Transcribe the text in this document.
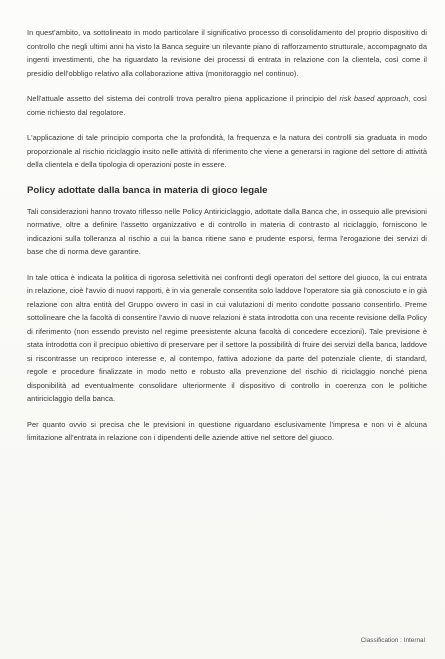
In quest'ambito, va sottolineato in modo particolare il significativo processo di consolidamento del proprio dispositivo di controllo che negli ultimi anni ha visto la Banca seguire un rilevante piano di rafforzamento strutturale, accompagnato da ingenti investimenti, che ha riguardato la revisione dei processi di entrata in relazione con la clientela, così come il presidio dell'obbligo relativo alla collaborazione attiva (monitoraggio nel continuo).

Nell'attuale assetto del sistema dei controlli trova peraltro piena applicazione il principio del risk based approach, così come richiesto dal regolatore.

L'applicazione di tale principio comporta che la profondità, la frequenza e la natura dei controlli sia graduata in modo proporzionale al rischio riciclaggio insito nelle attività di riferimento che viene a generarsi in ragione del settore di attività della clientela e della tipologia di operazioni poste in essere.

Policy adottate dalla banca in materia di gioco legale

Tali considerazioni hanno trovato riflesso nelle Policy Antiriciclaggio, adottate dalla Banca che, in ossequio alle previsioni normative, oltre a definire l'assetto organizzativo e di controllo in materia di contrasto al riciclaggio, forniscono le indicazioni sulla tolleranza al rischio a cui la banca ritiene sano e prudente esporsi, ferma l'erogazione dei servizi di base che di norma deve garantire.

In tale ottica è indicata la politica di rigorosa selettività nei confronti degli operatori del settore del giuoco, la cui entrata in relazione, cioè l'avvio di nuovi rapporti, è in via generale consentita solo laddove l'operatore sia già conosciuto e in già relazione con altra entità del Gruppo ovvero in casi in cui valutazioni di merito condotte possano consentirlo. Preme sottolineare che la facoltà di consentire l'avvio di nuove relazioni è stata introdotta con una recente revisione della Policy di riferimento (non essendo previsto nel regime preesistente alcuna facoltà di concedere eccezioni). Tale previsione è stata introdotta con il precipuo obiettivo di preservare per il settore la possibilità di fruire dei servizi della banca, laddove si riscontrasse un reciproco interesse e, al contempo, fattiva adozione da parte del potenziale cliente, di standard, regole e procedure finalizzate in modo netto e robusto alla prevenzione del rischio di riciclaggio nonché piena disponibilità ad eventualmente consolidare ulteriormente il dispositivo di controllo in coerenza con le politiche antiriciclaggio della banca.

Per quanto ovvio si precisa che le previsioni in questione riguardano esclusivamente l'impresa e non vi è alcuna limitazione all'entrata in relazione con i dipendenti delle aziende attive nel settore del giuoco.

Classification : Internal
